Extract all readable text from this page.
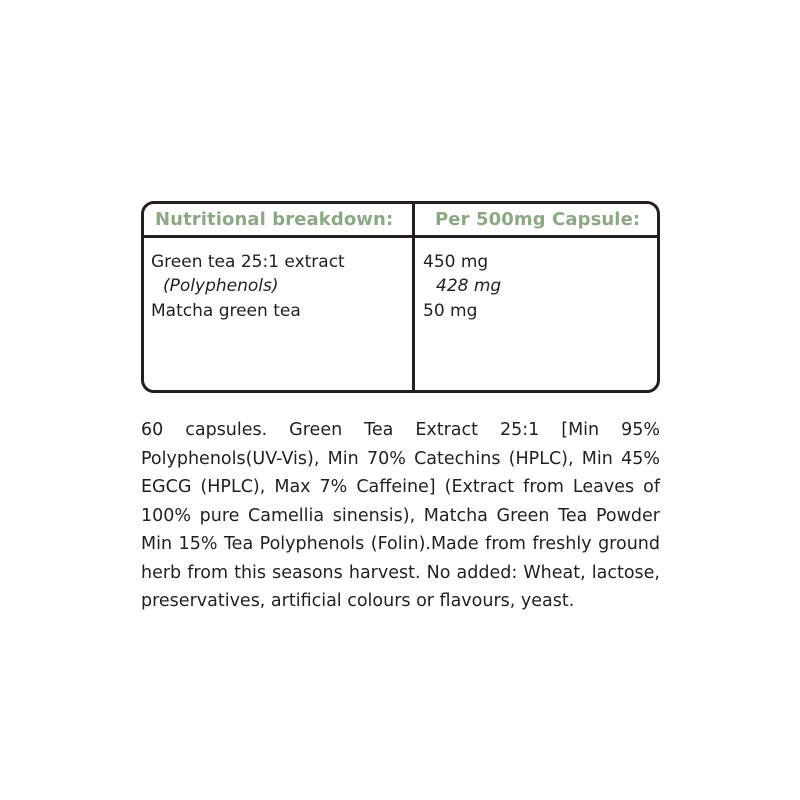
Nutritional breakdown: Per 500mg Capsule:
Green tea 25:1 extract
(Polyphenols)
Matcha green tea
450 mg
428 mg
50 mg

60 capsules. Green Tea Extract 25:1 [Min 95% Polyphenols(UV-Vis), Min 70% Catechins (HPLC), Min 45% EGCG (HPLC), Max 7% Caffeine] (Extract from Leaves of 100% pure Camellia sinensis), Matcha Green Tea Powder Min 15% Tea Polyphenols (Folin).Made from freshly ground herb from this seasons harvest. No added: Wheat, lactose, preservatives, artificial colours or flavours, yeast.
